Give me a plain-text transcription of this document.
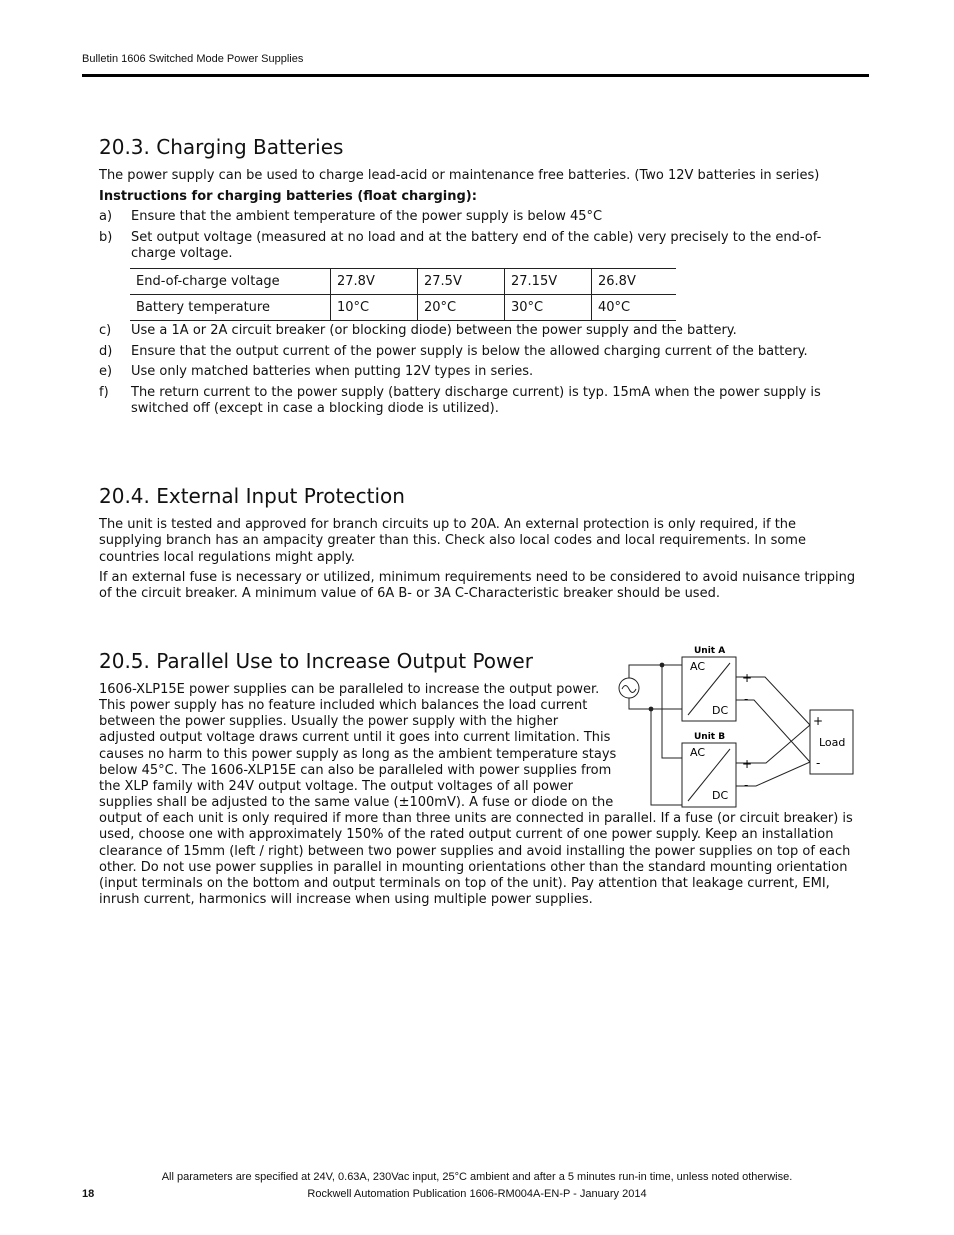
Bulletin 1606 Switched Mode Power Supplies
20.3. Charging Batteries

The power supply can be used to charge lead-acid or maintenance free batteries. (Two 12V batteries in series)

Instructions for charging batteries (float charging):

a) Ensure that the ambient temperature of the power supply is below 45°C
b) Set output voltage (measured at no load and at the battery end of the cable) very precisely to the end-of-charge voltage.
End-of-charge voltage	27.8V	27.5V	27.15V	26.8V
Battery temperature	10°C	20°C	30°C	40°C
c) Use a 1A or 2A circuit breaker (or blocking diode) between the power supply and the battery.
d) Ensure that the output current of the power supply is below the allowed charging current of the battery.
e) Use only matched batteries when putting 12V types in series.
f) The return current to the power supply (battery discharge current) is typ. 15mA when the power supply is switched off (except in case a blocking diode is utilized).
20.4. External Input Protection

The unit is tested and approved for branch circuits up to 20A. An external protection is only required, if the supplying branch has an ampacity greater than this. Check also local codes and local requirements. In some countries local regulations might apply.

If an external fuse is necessary or utilized, minimum requirements need to be considered to avoid nuisance tripping of the circuit breaker. A minimum value of 6A B- or 3A C-Characteristic breaker should be used.

20.5. Parallel Use to Increase Output Power

1606-XLP15E power supplies can be paralleled to increase the output power.

This power supply has no feature included which balances the load current

between the power supplies. Usually the power supply with the higher

adjusted output voltage draws current until it goes into current limitation. This

causes no harm to this power supply as long as the ambient temperature stays

below 45°C. The 1606-XLP15E can also be paralleled with power supplies from

the XLP family with 24V output voltage. The output voltages of all power

supplies shall be adjusted to the same value (±100mV). A fuse or diode on the

output of each unit is only required if more than three units are connected in parallel. If a fuse (or circuit breaker) is used, choose one with approximately 150% of the rated output current of one power supply. Keep an installation clearance of 15mm (left / right) between two power supplies and avoid installing the power supplies on top of each other. Do not use power supplies in parallel in mounting orientations other than the standard mounting orientation (input terminals on the bottom and output terminals on top of the unit). Pay attention that leakage current, EMI, inrush current, harmonics will increase when using multiple power supplies.

Unit A
AC
DC
+
-
Unit B
AC
DC
+
-
+
Load
-
All parameters are specified at 24V, 0.63A, 230Vac input, 25°C ambient and after a 5 minutes run-in time, unless noted otherwise.
18	Rockwell Automation Publication 1606-RM004A-EN-P - January 2014
